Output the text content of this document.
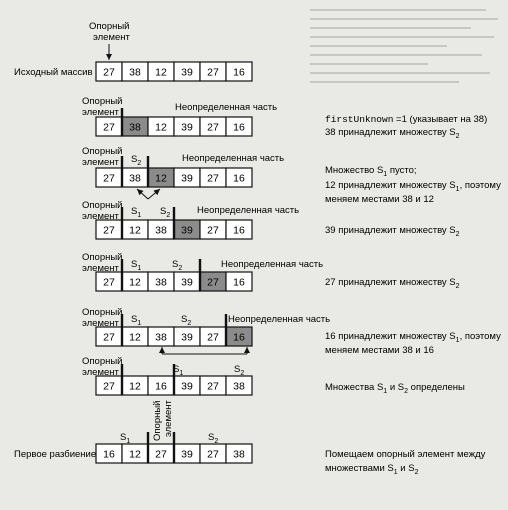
27 38 12 39 27 16
27 38 12 39 27 16
27 38 12 39 27 16
27 12 38 39 27 16
27 12 38 39 27 16
27 12 38 39 27 16
27 12 16 39 27 38
16 12 27 39 27 38
Опорный
элемент
Исходный массив
Опорный
элемент
Опорный
элемент
Опорный
элемент
Опорный
элемент
Опорный
элемент
Опорный
элемент
Неопределенная часть
Неопределенная часть
Неопределенная часть
Неопределенная часть
Неопределенная часть
$S_2$
$S_1$ $S_2$
$S_1$	$S_2$
$S_1$	$S_2$
$S_1$	$S_2$
$S_1$	$S_2$
Опорный элемент
Первое разбиение
firstUnknown =1 (указывает на 38)
38 принадлежит множеству $S_2$
Множество $S_1$ пусто;
12 принадлежит множеству $S_1$, поэтому
меняем местами 38 и 12
39 принадлежит множеству $S_2$
27 принадлежит множеству $S_2$
16 принадлежит множеству $S_1$, поэтому
меняем местами 38 и 16
Множества $S_1$ и $S_2$ определены
Помещаем опорный элемент между
множествами $S_1$ и $S_2$
